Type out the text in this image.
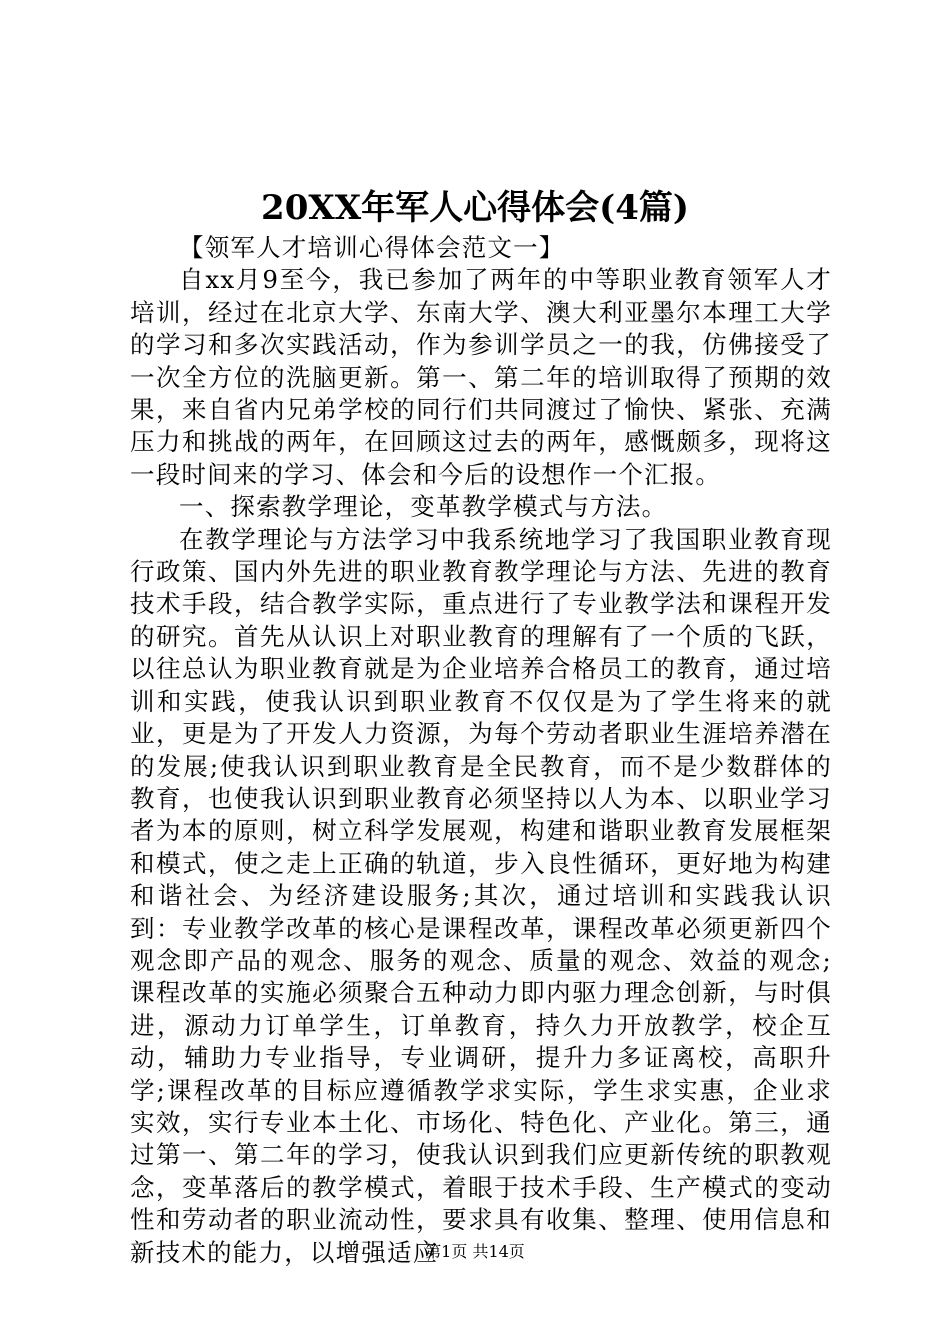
20XX年军人心得体会(4篇)

【领军人才培训心得体会范文一】

自xx月9至今，我已参加了两年的中等职业教育领军人才培训，经过在北京大学、东南大学、澳大利亚墨尔本理工大学的学习和多次实践活动，作为参训学员之一的我，仿佛接受了一次全方位的洗脑更新。第一、第二年的培训取得了预期的效果，来自省内兄弟学校的同行们共同渡过了愉快、紧张、充满压力和挑战的两年，在回顾这过去的两年，感慨颇多，现将这一段时间来的学习、体会和今后的设想作一个汇报。

一、探索教学理论，变革教学模式与方法。

在教学理论与方法学习中我系统地学习了我国职业教育现行政策、国内外先进的职业教育教学理论与方法、先进的教育技术手段，结合教学实际，重点进行了专业教学法和课程开发的研究。首先从认识上对职业教育的理解有了一个质的飞跃，以往总认为职业教育就是为企业培养合格员工的教育，通过培训和实践，使我认识到职业教育不仅仅是为了学生将来的就业，更是为了开发人力资源，为每个劳动者职业生涯培养潜在的发展;使我认识到职业教育是全民教育，而不是少数群体的教育，也使我认识到职业教育必须坚持以人为本、以职业学习者为本的原则，树立科学发展观，构建和谐职业教育发展框架和模式，使之走上正确的轨道，步入良性循环，更好地为构建和谐社会、为经济建设服务;其次，通过培训和实践我认识到：专业教学改革的核心是课程改革，课程改革必须更新四个观念即产品的观念、服务的观念、质量的观念、效益的观念;课程改革的实施必须聚合五种动力即内驱力理念创新，与时俱进，源动力订单学生，订单教育，持久力开放教学，校企互动，辅助力专业指导，专业调研，提升力多证离校，高职升学;课程改革的目标应遵循教学求实际，学生求实惠，企业求实效，实行专业本土化、市场化、特色化、产业化。第三，通过第一、第二年的学习，使我认识到我们应更新传统的职教观念，变革落后的教学模式，着眼于技术手段、生产模式的变动性和劳动者的职业流动性，要求具有收集、整理、使用信息和新技术的能力，以增强适应

第1页 共14页
